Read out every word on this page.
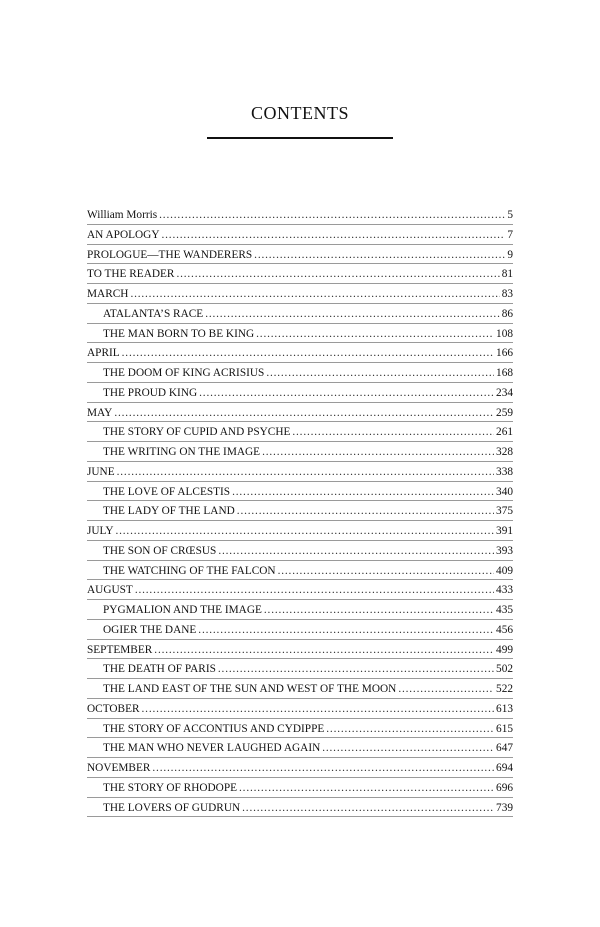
CONTENTS
William Morris . . .	5
AN APOLOGY . . .	7
PROLOGUE—THE WANDERERS . . .	9
TO THE READER . . .	81
MARCH . . .	83
ATALANTA’S RACE . . .	86
THE MAN BORN TO BE KING . . .	108
APRIL . . .	166
THE DOOM OF KING ACRISIUS . . .	168
THE PROUD KING . . .	234
MAY . . .	259
THE STORY OF CUPID AND PSYCHE . . .	261
THE WRITING ON THE IMAGE . . .	328
JUNE . . .	338
THE LOVE OF ALCESTIS . . .	340
THE LADY OF THE LAND . . .	375
JULY . . .	391
THE SON OF CRŒSUS . . .	393
THE WATCHING OF THE FALCON . . .	409
AUGUST . . .	433
PYGMALION AND THE IMAGE . . .	435
OGIER THE DANE . . .	456
SEPTEMBER . . .	499
THE DEATH OF PARIS . . .	502
THE LAND EAST OF THE SUN AND WEST OF THE MOON . . .	522
OCTOBER . . .	613
THE STORY OF ACCONTIUS AND CYDIPPE . . .	615
THE MAN WHO NEVER LAUGHED AGAIN . . .	647
NOVEMBER . . .	694
THE STORY OF RHODOPE . . .	696
THE LOVERS OF GUDRUN . . .	739
